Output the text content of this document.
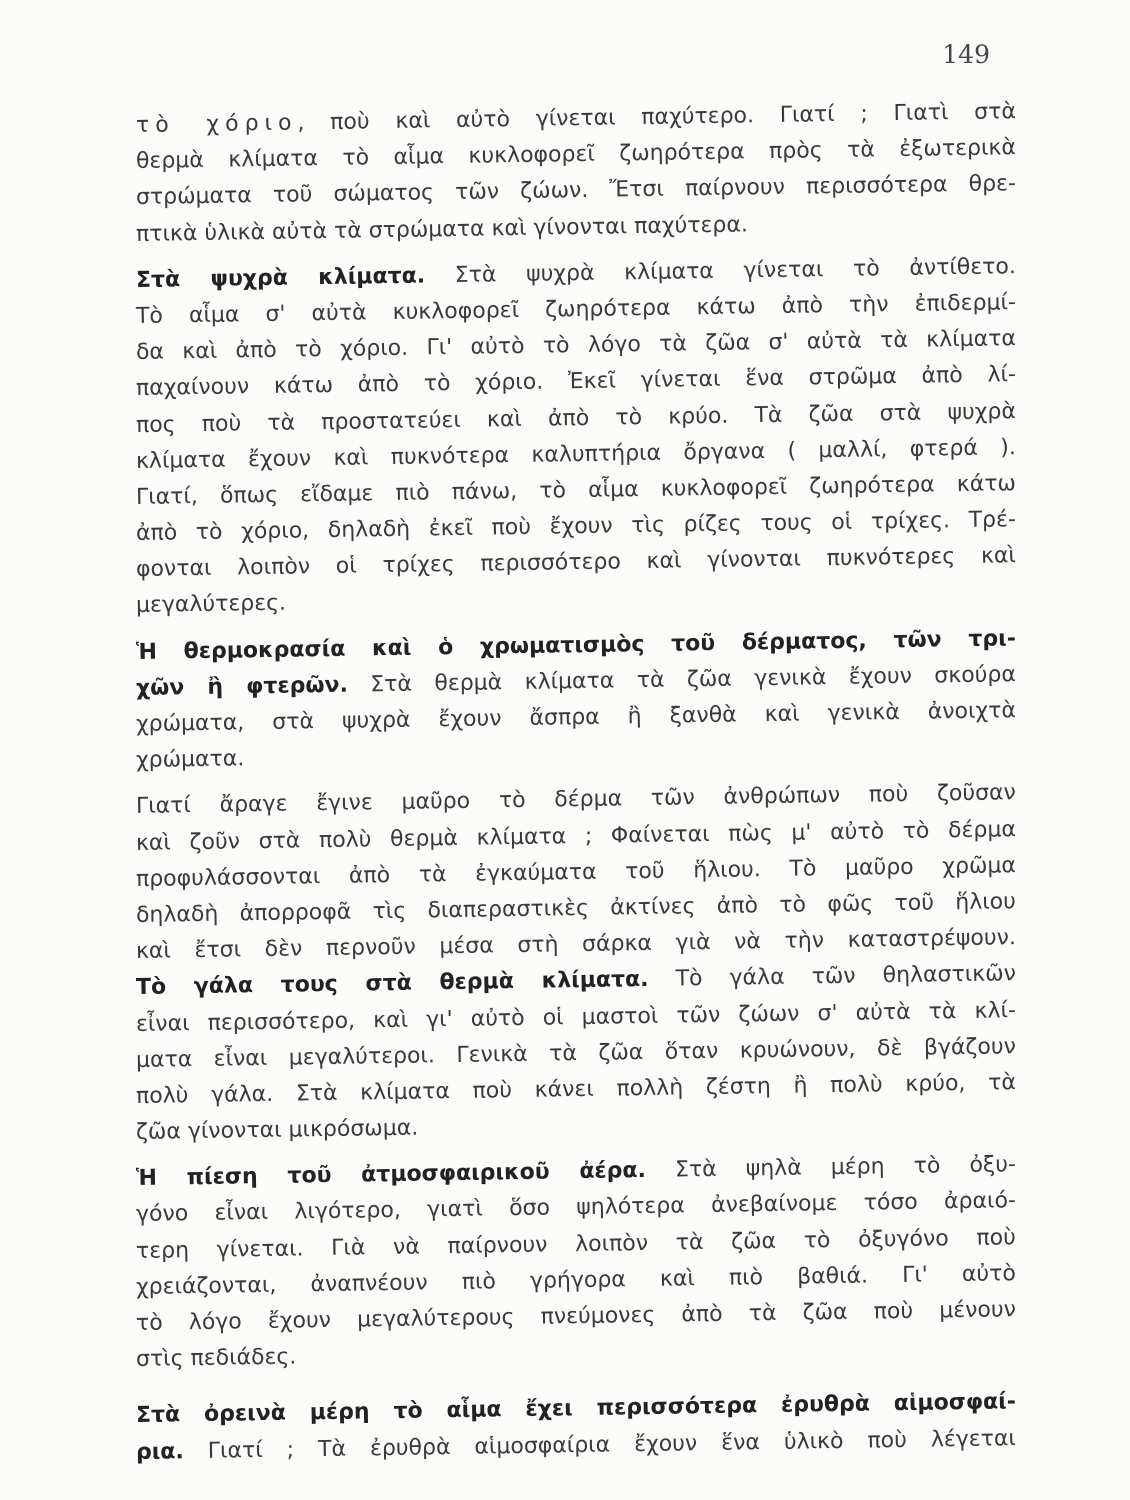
149
τὸ χόριο, ποὺ καὶ αὐτὸ γίνεται παχύτερο. Γιατί ; Γιατὶ στὰ
θερμὰ κλίματα τὸ αἷμα κυκλοφορεῖ ζωηρότερα πρὸς τὰ ἐξωτερικὰ
στρώματα τοῦ σώματος τῶν ζώων. Ἔτσι παίρνουν περισσότερα θρε-
πτικὰ ὑλικὰ αὐτὰ τὰ στρώματα καὶ γίνονται παχύτερα.
Στὰ ψυχρὰ κλίματα. Στὰ ψυχρὰ κλίματα γίνεται τὸ ἀντίθετο.
Τὸ αἷμα σ' αὐτὰ κυκλοφορεῖ ζωηρότερα κάτω ἀπὸ τὴν ἐπιδερμί-
δα καὶ ἀπὸ τὸ χόριο. Γι' αὐτὸ τὸ λόγο τὰ ζῶα σ' αὐτὰ τὰ κλίματα
παχαίνουν κάτω ἀπὸ τὸ χόριο. Ἐκεῖ γίνεται ἕνα στρῶμα ἀπὸ λί-
πος ποὺ τὰ προστατεύει καὶ ἀπὸ τὸ κρύο. Τὰ ζῶα στὰ ψυχρὰ
κλίματα ἔχουν καὶ πυκνότερα καλυπτήρια ὄργανα ( μαλλί, φτερά ).
Γιατί, ὅπως εἴδαμε πιὸ πάνω, τὸ αἷμα κυκλοφορεῖ ζωηρότερα κάτω
ἀπὸ τὸ χόριο, δηλαδὴ ἐκεῖ ποὺ ἔχουν τὶς ρίζες τους οἱ τρίχες. Τρέ-
φονται λοιπὸν οἱ τρίχες περισσότερο καὶ γίνονται πυκνότερες καὶ
μεγαλύτερες.
Ἡ θερμοκρασία καὶ ὁ χρωματισμὸς τοῦ δέρματος, τῶν τρι-
χῶν ἢ φτερῶν. Στὰ θερμὰ κλίματα τὰ ζῶα γενικὰ ἔχουν σκούρα
χρώματα, στὰ ψυχρὰ ἔχουν ἄσπρα ἢ ξανθὰ καὶ γενικὰ ἀνοιχτὰ
χρώματα.
Γιατί ἄραγε ἔγινε μαῦρο τὸ δέρμα τῶν ἀνθρώπων ποὺ ζοῦσαν
καὶ ζοῦν στὰ πολὺ θερμὰ κλίματα ; Φαίνεται πὼς μ' αὐτὸ τὸ δέρμα
προφυλάσσονται ἀπὸ τὰ ἐγκαύματα τοῦ ἥλιου. Τὸ μαῦρο χρῶμα
δηλαδὴ ἀπορροφᾶ τὶς διαπεραστικὲς ἀκτίνες ἀπὸ τὸ φῶς τοῦ ἥλιου
καὶ ἔτσι δὲν περνοῦν μέσα στὴ σάρκα γιὰ νὰ τὴν καταστρέψουν.
Τὸ γάλα τους στὰ θερμὰ κλίματα. Τὸ γάλα τῶν θηλαστικῶν
εἶναι περισσότερο, καὶ γι' αὐτὸ οἱ μαστοὶ τῶν ζώων σ' αὐτὰ τὰ κλί-
ματα εἶναι μεγαλύτεροι. Γενικὰ τὰ ζῶα ὅταν κρυώνουν, δὲ βγάζουν
πολὺ γάλα. Στὰ κλίματα ποὺ κάνει πολλὴ ζέστη ἢ πολὺ κρύο, τὰ
ζῶα γίνονται μικρόσωμα.
Ἡ πίεση τοῦ ἀτμοσφαιρικοῦ ἀέρα. Στὰ ψηλὰ μέρη τὸ ὀξυ-
γόνο εἶναι λιγότερο, γιατὶ ὅσο ψηλότερα ἀνεβαίνομε τόσο ἀραιό-
τερη γίνεται. Γιὰ νὰ παίρνουν λοιπὸν τὰ ζῶα τὸ ὀξυγόνο ποὺ
χρειάζονται, ἀναπνέουν πιὸ γρήγορα καὶ πιὸ βαθιά. Γι' αὐτὸ
τὸ λόγο ἔχουν μεγαλύτερους πνεύμονες ἀπὸ τὰ ζῶα ποὺ μένουν
στὶς πεδιάδες.
Στὰ ὀρεινὰ μέρη τὸ αἷμα ἔχει περισσότερα ἐρυθρὰ αἱμοσφαί-
ρια. Γιατί ; Τὰ ἐρυθρὰ αἱμοσφαίρια ἔχουν ἕνα ὑλικὸ ποὺ λέγεται
